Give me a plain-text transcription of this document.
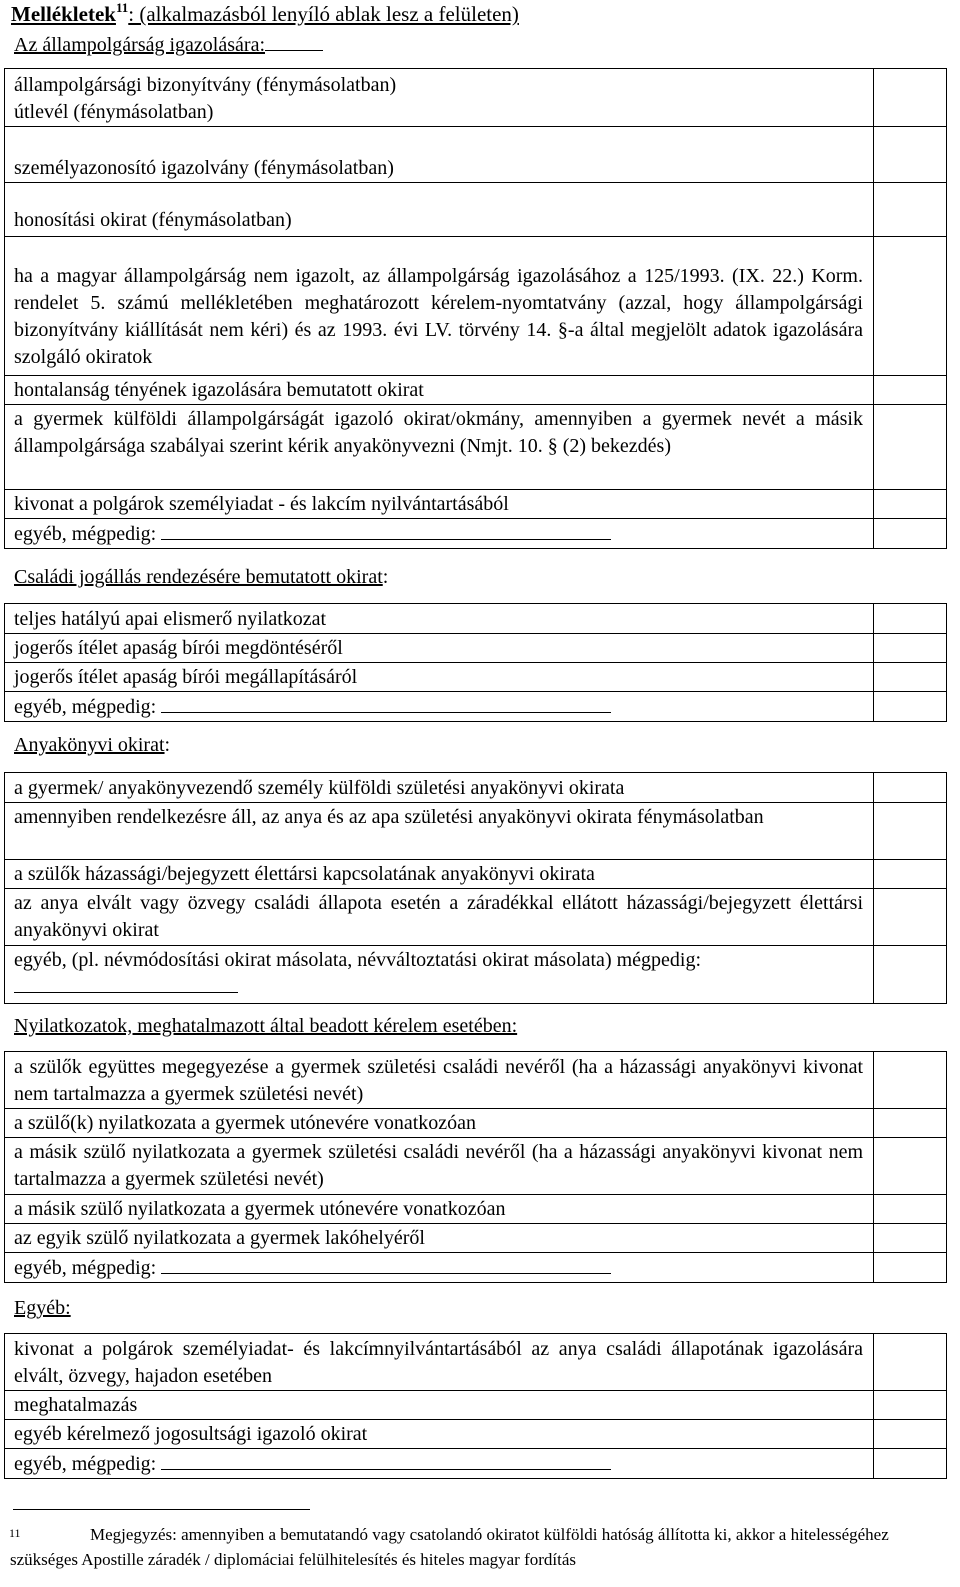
Mellékletek$^{11}$: (alkalmazásból lenyíló ablak lesz a felületen)
Az állampolgárság igazolására:
állampolgársági bizonyítvány (fénymásolatban)
útlevél (fénymásolatban)	

személyazonosító igazolvány (fénymásolatban)	
honosítási okirat (fénymásolatban)	
ha a magyar állampolgárság nem igazolt, az állampolgárság igazolásához a 125/1993. (IX. 22.) Korm. rendelet 5. számú mellékletében meghatározott kérelem-nyomtatvány (azzal, hogy állampolgársági bizonyítvány kiállítását nem kéri) és az 1993. évi LV. törvény 14. §-a által megjelölt adatok igazolására szolgáló okiratok	
hontalanság tényének igazolására bemutatott okirat	
a gyermek külföldi állampolgárságát igazoló okirat/okmány, amennyiben a gyermek nevét a másik állampolgársága szabályai szerint kérik anyakönyvezni (Nmjt. 10. § (2) bekezdés)	
kivonat a polgárok személyiadat - és lakcím nyilvántartásából	
egyéb, mégpedig:	
Családi jogállás rendezésére bemutatott okirat:
teljes hatályú apai elismerő nyilatkozat	
jogerős ítélet apaság bírói megdöntéséről	
jogerős ítélet apaság bírói megállapításáról	
egyéb, mégpedig:	
Anyakönyvi okirat:
a gyermek/ anyakönyvezendő személy külföldi születési anyakönyvi okirata	
amennyiben rendelkezésre áll, az anya és az apa születési anyakönyvi okirata fénymásolatban	
a szülők házassági/bejegyzett élettársi kapcsolatának anyakönyvi okirata	
az anya elvált vagy özvegy családi állapota esetén a záradékkal ellátott házassági/bejegyzett élettársi anyakönyvi okirat	

egyéb, (pl. névmódosítási okirat másolata, névváltoztatási okirat másolata) mégpedig:	

Nyilatkozatok, meghatalmazott által beadott kérelem esetében:
a szülők együttes megegyezése a gyermek születési családi nevéről (ha a házassági anyakönyvi kivonat nem tartalmazza a gyermek születési nevét)	
a szülő(k) nyilatkozata a gyermek utónevére vonatkozóan	
a másik szülő nyilatkozata a gyermek születési családi nevéről (ha a házassági anyakönyvi kivonat nem tartalmazza a gyermek születési nevét)	
a másik szülő nyilatkozata a gyermek utónevére vonatkozóan	
az egyik szülő nyilatkozata a gyermek lakóhelyéről	
egyéb, mégpedig:	
Egyéb:
kivonat a polgárok személyiadat- és lakcímnyilvántartásából az anya családi állapotának igazolására elvált, özvegy, hajadon esetében	
meghatalmazás	
egyéb kérelmező jogosultsági igazoló okirat	
egyéb, mégpedig:	
11	Megjegyzés: amennyiben a bemutatandó vagy csatolandó okiratot külföldi hatóság állította ki, akkor a hitelességéhez szükséges Apostille záradék / diplomáciai felülhitelesítés és hiteles magyar fordítás
